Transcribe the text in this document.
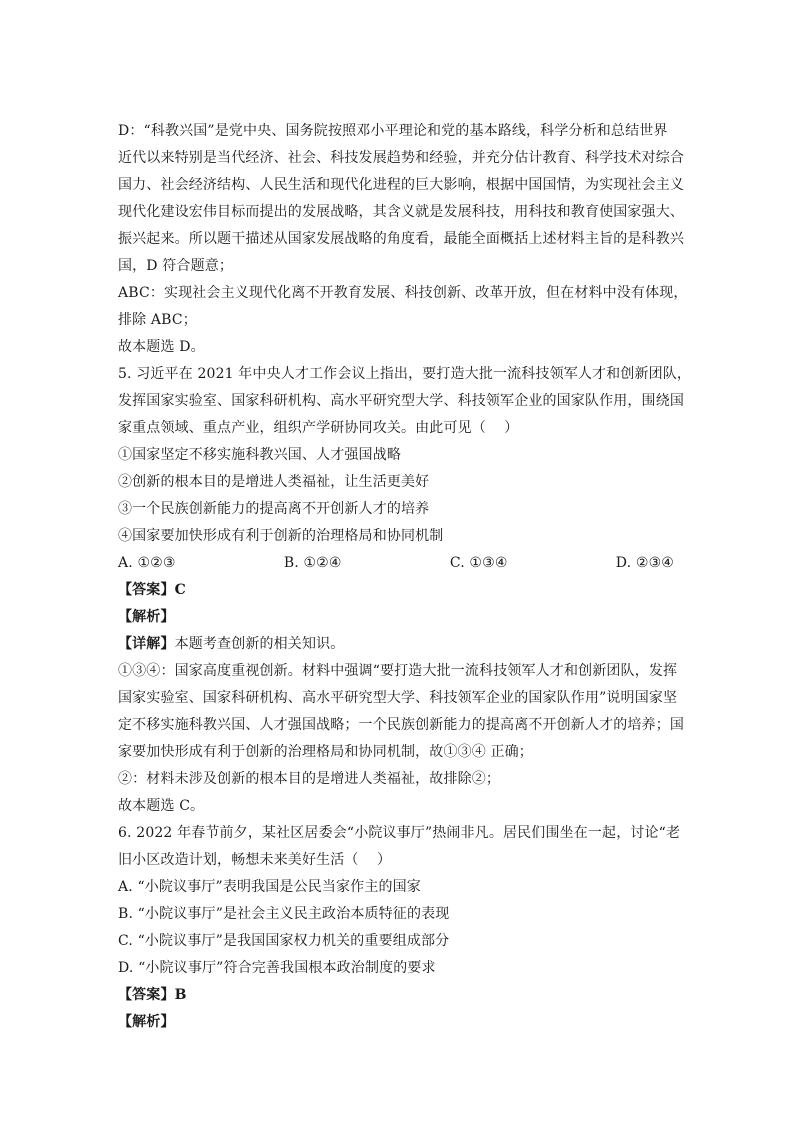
D：“科教兴国”是党中央、国务院按照邓小平理论和党的基本路线，科学分析和总结世界
近代以来特别是当代经济、社会、科技发展趋势和经验，并充分估计教育、科学技术对综合
国力、社会经济结构、人民生活和现代化进程的巨大影响，根据中国国情，为实现社会主义
现代化建设宏伟目标而提出的发展战略，其含义就是发展科技，用科技和教育使国家强大、
振兴起来。所以题干描述从国家发展战略的角度看，最能全面概括上述材料主旨的是科教兴
国，D 符合题意；
ABC：实现社会主义现代化离不开教育发展、科技创新、改革开放，但在材料中没有体现，
排除 ABC；
故本题选 D。
5. 习近平在 2021 年中央人才工作会议上指出，要打造大批一流科技领军人才和创新团队，
发挥国家实验室、国家科研机构、高水平研究型大学、科技领军企业的国家队作用，围绕国
家重点领域、重点产业，组织产学研协同攻关。由此可见（    ）
①国家坚定不移实施科教兴国、人才强国战略
②创新的根本目的是增进人类福祉，让生活更美好
③一个民族创新能力的提高离不开创新人才的培养
④国家要加快形成有利于创新的治理格局和协同机制
A. ①②③	B. ①②④	C. ①③④	D. ②③④
【答案】C
【解析】
【详解】本题考查创新的相关知识。
①③④：国家高度重视创新。材料中强调“要打造大批一流科技领军人才和创新团队，发挥
国家实验室、国家科研机构、高水平研究型大学、科技领军企业的国家队作用”说明国家坚
定不移实施科教兴国、人才强国战略；一个民族创新能力的提高离不开创新人才的培养；国
家要加快形成有利于创新的治理格局和协同机制，故①③④ 正确；
②：材料未涉及创新的根本目的是增进人类福祉，故排除②；
故本题选 C。
6. 2022 年春节前夕，某社区居委会“小院议事厅”热闹非凡。居民们围坐在一起，讨论“老
旧小区改造计划，畅想未来美好生活（    ）
A. “小院议事厅”表明我国是公民当家作主的国家
B. “小院议事厅”是社会主义民主政治本质特征的表现
C. “小院议事厅”是我国国家权力机关的重要组成部分
D. “小院议事厅”符合完善我国根本政治制度的要求
【答案】B
【解析】
